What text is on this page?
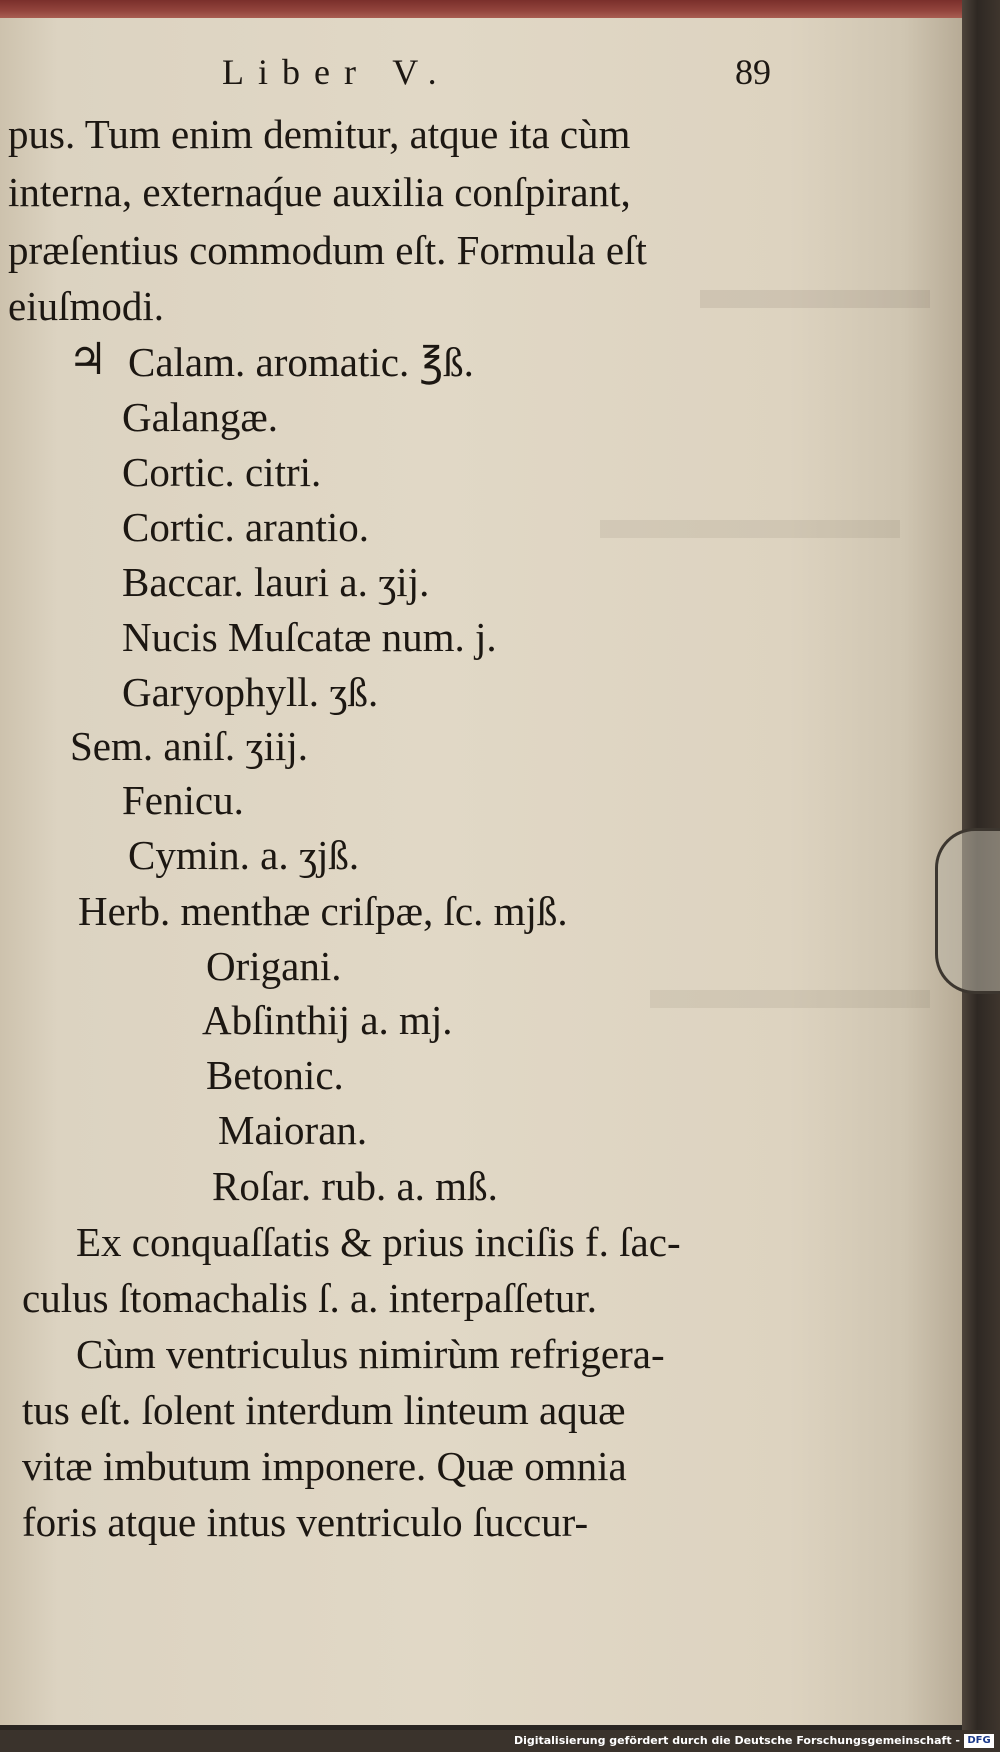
Liber V.	89
pus. Tum enim demitur, atque ita cùm
interna, externaq́ue auxilia conſpirant,
præſentius commodum eſt. Formula eſt
eiuſmodi.
♃ Calam. aromatic. ℥ß.
Galangæ.
Cortic. citri.
Cortic. arantio.
Baccar. lauri a. ʒij.
Nucis Muſcatæ num. j.
Garyophyll. ʒß.
Sem. aniſ. ʒiij.
Fenicu.
Cymin. a. ʒjß.
Herb. menthæ criſpæ, ſc. mjß.
Origani.
Abſinthij a. mj.
Betonic.
Maioran.
Roſar. rub. a. mß.
Ex conquaſſatis & prius inciſis f. ſac-
culus ſtomachalis ſ. a. interpaſſetur.
Cùm ventriculus nimirùm refrigera-
tus eſt. ſolent interdum linteum aquæ
vitæ imbutum imponere. Quæ omnia
foris atque intus ventriculo ſuccur-
Digitalisierung gefördert durch die Deutsche Forschungsgemeinschaft - DFG
